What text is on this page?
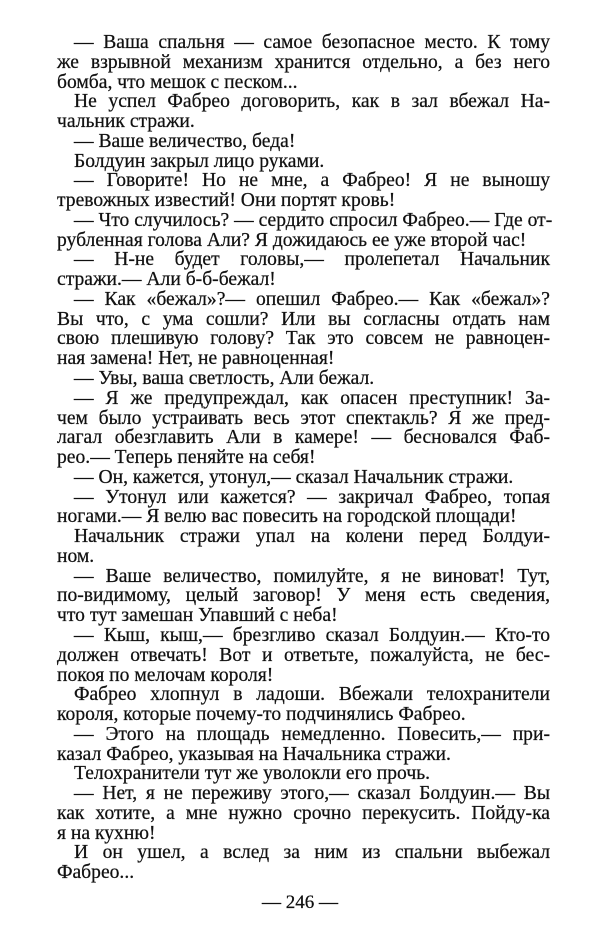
— Ваша спальня — самое безопасное место. К тому
же взрывной механизм хранится отдельно, а без него
бомба, что мешок с песком...
Не успел Фабрео договорить, как в зал вбежал На-
чальник стражи.
— Ваше величество, беда!
Болдуин закрыл лицо руками.
— Говорите! Но не мне, а Фабрео! Я не выношу
тревожных известий! Они портят кровь!
— Что случилось? — сердито спросил Фабрео.— Где от-
рубленная голова Али? Я дожидаюсь ее уже второй час!
— Н-не будет головы,— пролепетал Начальник
стражи.— Али б-б-бежал!
— Как «бежал»?— опешил Фабрео.— Как «бежал»?
Вы что, с ума сошли? Или вы согласны отдать нам
свою плешивую голову? Так это совсем не равноцен-
ная замена! Нет, не равноценная!
— Увы, ваша светлость, Али бежал.
— Я же предупреждал, как опасен преступник! За-
чем было устраивать весь этот спектакль? Я же пред-
лагал обезглавить Али в камере! — бесновался Фаб-
рео.— Теперь пеняйте на себя!
— Он, кажется, утонул,— сказал Начальник стражи.
— Утонул или кажется? — закричал Фабрео, топая
ногами.— Я велю вас повесить на городской площади!
Начальник стражи упал на колени перед Болдуи-
ном.
— Ваше величество, помилуйте, я не виноват! Тут,
по-видимому, целый заговор! У меня есть сведения,
что тут замешан Упавший с неба!
— Кыш, кыш,— брезгливо сказал Болдуин.— Кто-то
должен отвечать! Вот и ответьте, пожалуйста, не бес-
покоя по мелочам короля!
Фабрео хлопнул в ладоши. Вбежали телохранители
короля, которые почему-то подчинялись Фабрео.
— Этого на площадь немедленно. Повесить,— при-
казал Фабрео, указывая на Начальника стражи.
Телохранители тут же уволокли его прочь.
— Нет, я не переживу этого,— сказал Болдуин.— Вы
как хотите, а мне нужно срочно перекусить. Пойду-ка
я на кухню!
И он ушел, а вслед за ним из спальни выбежал
Фабрео...
— 246 —
